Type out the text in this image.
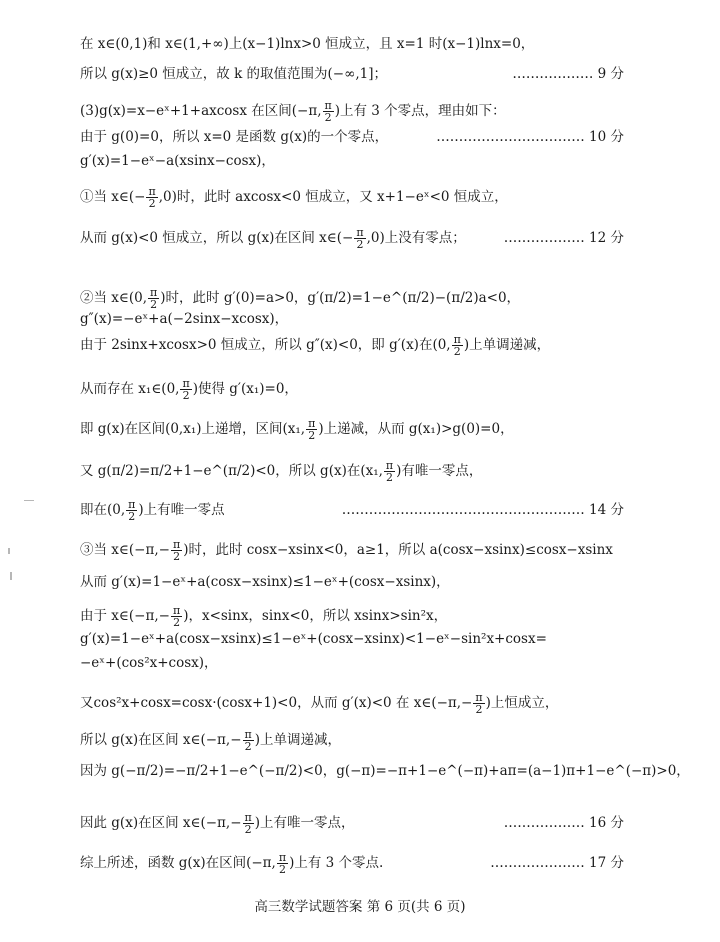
在 x∈(0,1)和 x∈(1,+∞)上(x−1)lnx>0 恒成立，且 x=1 时(x−1)lnx=0，
所以 g(x)≥0 恒成立，故 k 的取值范围为(−∞,1]；	……………… 9 分
(3)g(x)=x−eˣ+1+axcosx 在区间(−π, $\frac{\pi}{2}$ )上有 3 个零点，理由如下：
由于 g(0)=0，所以 x=0 是函数 g(x)的一个零点，	…………………………… 10 分
g′(x)=1−eˣ−a(xsinx−cosx)，
①当 x∈(− $\frac{\pi}{2} ,0$)时，此时 axcosx<0 恒成立，又 x+1−eˣ<0 恒成立，
从而 g(x)<0 恒成立，所以 g(x)在区间 x∈(− $\frac{\pi}{2} ,0$)上没有零点；	……………… 12 分
②当 x∈(0, $\frac{\pi}{2}$ )时，此时 g′(0)=a>0，g′(π/2)=1−e^(π/2)−(π/2)a<0，
g″(x)=−eˣ+a(−2sinx−xcosx)，
由于 2sinx+xcosx>0 恒成立，所以 g″(x)<0，即 g′(x)在(0, $\frac{\pi}{2}$ )上单调递减，
从而存在 x₁∈(0, $\frac{\pi}{2}$ )使得 g′(x₁)=0，
即 g(x)在区间(0,x₁)上递增，区间(x₁, $\frac{\pi}{2}$ )上递减，从而 g(x₁)>g(0)=0，
又 g(π/2)=π/2+1−e^(π/2)<0，所以 g(x)在(x₁, $\frac{\pi}{2}$ )有唯一零点，
即在(0, $\frac{\pi}{2}$ )上有唯一零点	……………………………………………… 14 分
③当 x∈(−π,− $\frac{\pi}{2}$ )时，此时 cosx−xsinx<0，a≥1，所以 a(cosx−xsinx)≤cosx−xsinx
从而 g′(x)=1−eˣ+a(cosx−xsinx)≤1−eˣ+(cosx−xsinx)，
由于 x∈(−π,− $\frac{\pi}{2}$ )，x<sinx，sinx<0，所以 xsinx>sin²x，
g′(x)=1−eˣ+a(cosx−xsinx)≤1−eˣ+(cosx−xsinx)<1−eˣ−sin²x+cosx=
−eˣ+(cos²x+cosx)，
又cos²x+cosx=cosx·(cosx+1)<0，从而 g′(x)<0 在 x∈(−π,− $\frac{\pi}{2}$ )上恒成立，
所以 g(x)在区间 x∈(−π,− $\frac{\pi}{2}$ )上单调递减，
因为 g(−π/2)=−π/2+1−e^(−π/2)<0，g(−π)=−π+1−e^(−π)+aπ=(a−1)π+1−e^(−π)>0，
因此 g(x)在区间 x∈(−π,− $\frac{\pi}{2}$ )上有唯一零点，	……………… 16 分
综上所述，函数 g(x)在区间(−π, $\frac{\pi}{2}$ )上有 3 个零点.	………………… 17 分
高三数学试题答案 第 6 页(共 6 页)
